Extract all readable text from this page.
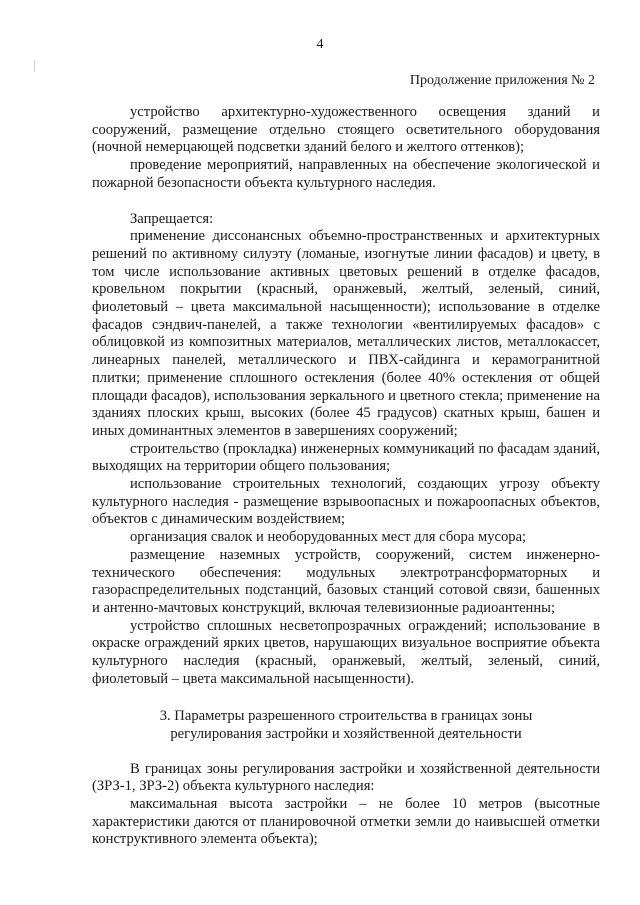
4
Продолжение приложения № 2

устройство архитектурно-художественного освещения зданий и сооружений, размещение отдельно стоящего осветительного оборудования (ночной немерцающей подсветки зданий белого и желтого оттенков);

проведение мероприятий, направленных на обеспечение экологической и пожарной безопасности объекта культурного наследия.

Запрещается:

применение диссонансных объемно-пространственных и архитектурных решений по активному силуэту (ломаные, изогнутые линии фасадов) и цвету, в том числе использование активных цветовых решений в отделке фасадов, кровельном покрытии (красный, оранжевый, желтый, зеленый, синий, фиолетовый – цвета максимальной насыщенности); использование в отделке фасадов сэндвич-панелей, а также технологии «вентилируемых фасадов» с облицовкой из композитных материалов, металлических листов, металлокассет, линеарных панелей, металлического и ПВХ-сайдинга и керамогранитной плитки; применение сплошного остекления (более 40% остекления от общей площади фасадов), использования зеркального и цветного стекла; применение на зданиях плоских крыш, высоких (более 45 градусов) скатных крыш, башен и иных доминантных элементов в завершениях сооружений;

строительство (прокладка) инженерных коммуникаций по фасадам зданий, выходящих на территории общего пользования;

использование строительных технологий, создающих угрозу объекту культурного наследия - размещение взрывоопасных и пожароопасных объектов, объектов с динамическим воздействием;

организация свалок и необорудованных мест для сбора мусора;

размещение наземных устройств, сооружений, систем инженерно-технического обеспечения: модульных электротрансформаторных и газораспределительных подстанций, базовых станций сотовой связи, башенных и антенно-мачтовых конструкций, включая телевизионные радиоантенны;

устройство сплошных несветопрозрачных ограждений; использование в окраске ограждений ярких цветов, нарушающих визуальное восприятие объекта культурного наследия (красный, оранжевый, желтый, зеленый, синий, фиолетовый – цвета максимальной насыщенности).

3. Параметры разрешенного строительства в границах зоны
регулирования застройки и хозяйственной деятельности

В границах зоны регулирования застройки и хозяйственной деятельности (ЗРЗ-1, ЗРЗ-2) объекта культурного наследия:

максимальная высота застройки – не более 10 метров (высотные характеристики даются от планировочной отметки земли до наивысшей отметки конструктивного элемента объекта);
